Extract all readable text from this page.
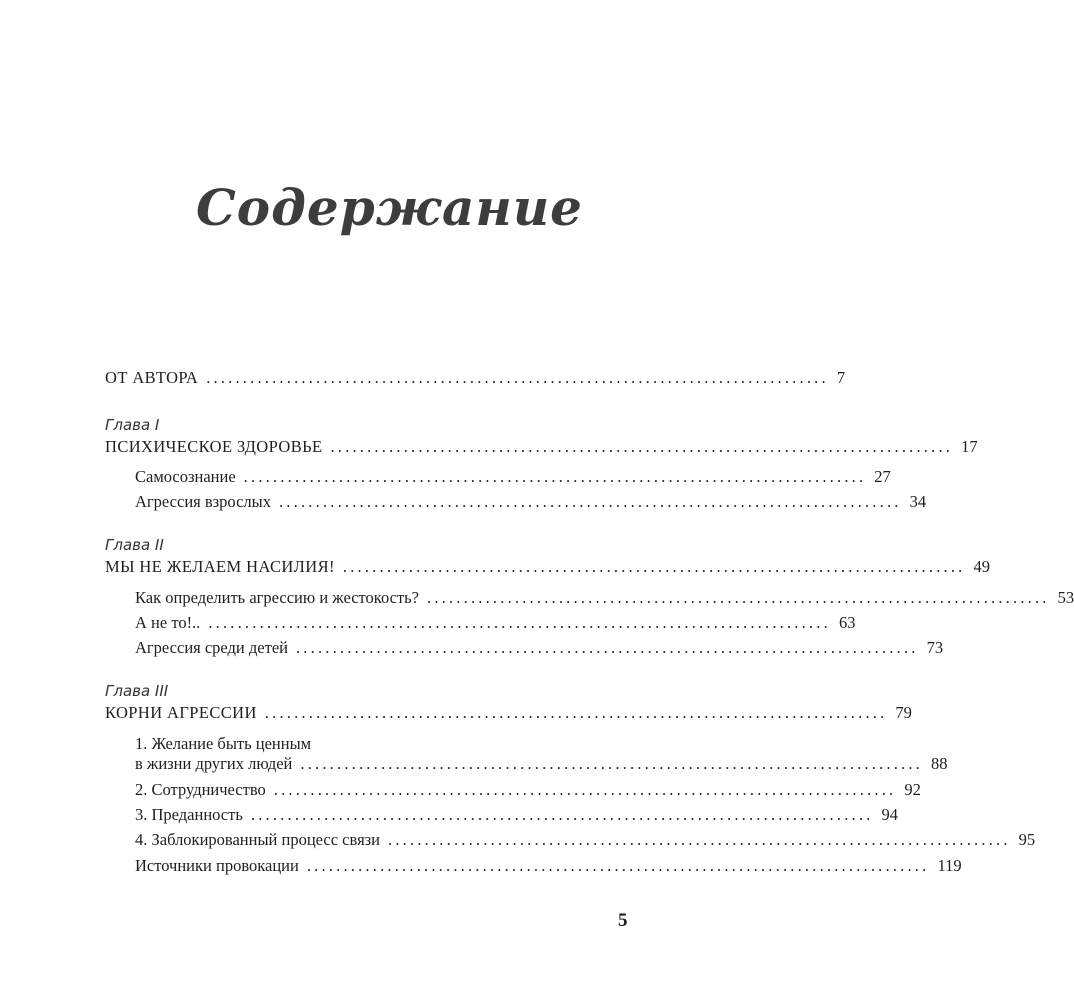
Содержание
ОТ АВТОРА ..................................................................................... 7
Глава I
ПСИХИЧЕСКОЕ ЗДОРОВЬЕ ..................................................................................... 17
Самосознание ..................................................................................... 27
Агрессия взрослых ..................................................................................... 34
Глава II
МЫ НЕ ЖЕЛАЕМ НАСИЛИЯ! ..................................................................................... 49
Как определить агрессию и жестокость? ..................................................................................... 53
А не то!.. ..................................................................................... 63
Агрессия среди детей ..................................................................................... 73
Глава III
КОРНИ АГРЕССИИ ..................................................................................... 79
1. Желание быть ценным
в жизни других людей ..................................................................................... 88
2. Сотрудничество ..................................................................................... 92
3. Преданность ..................................................................................... 94
4. Заблокированный процесс связи ..................................................................................... 95
Источники провокации ..................................................................................... 119
5
